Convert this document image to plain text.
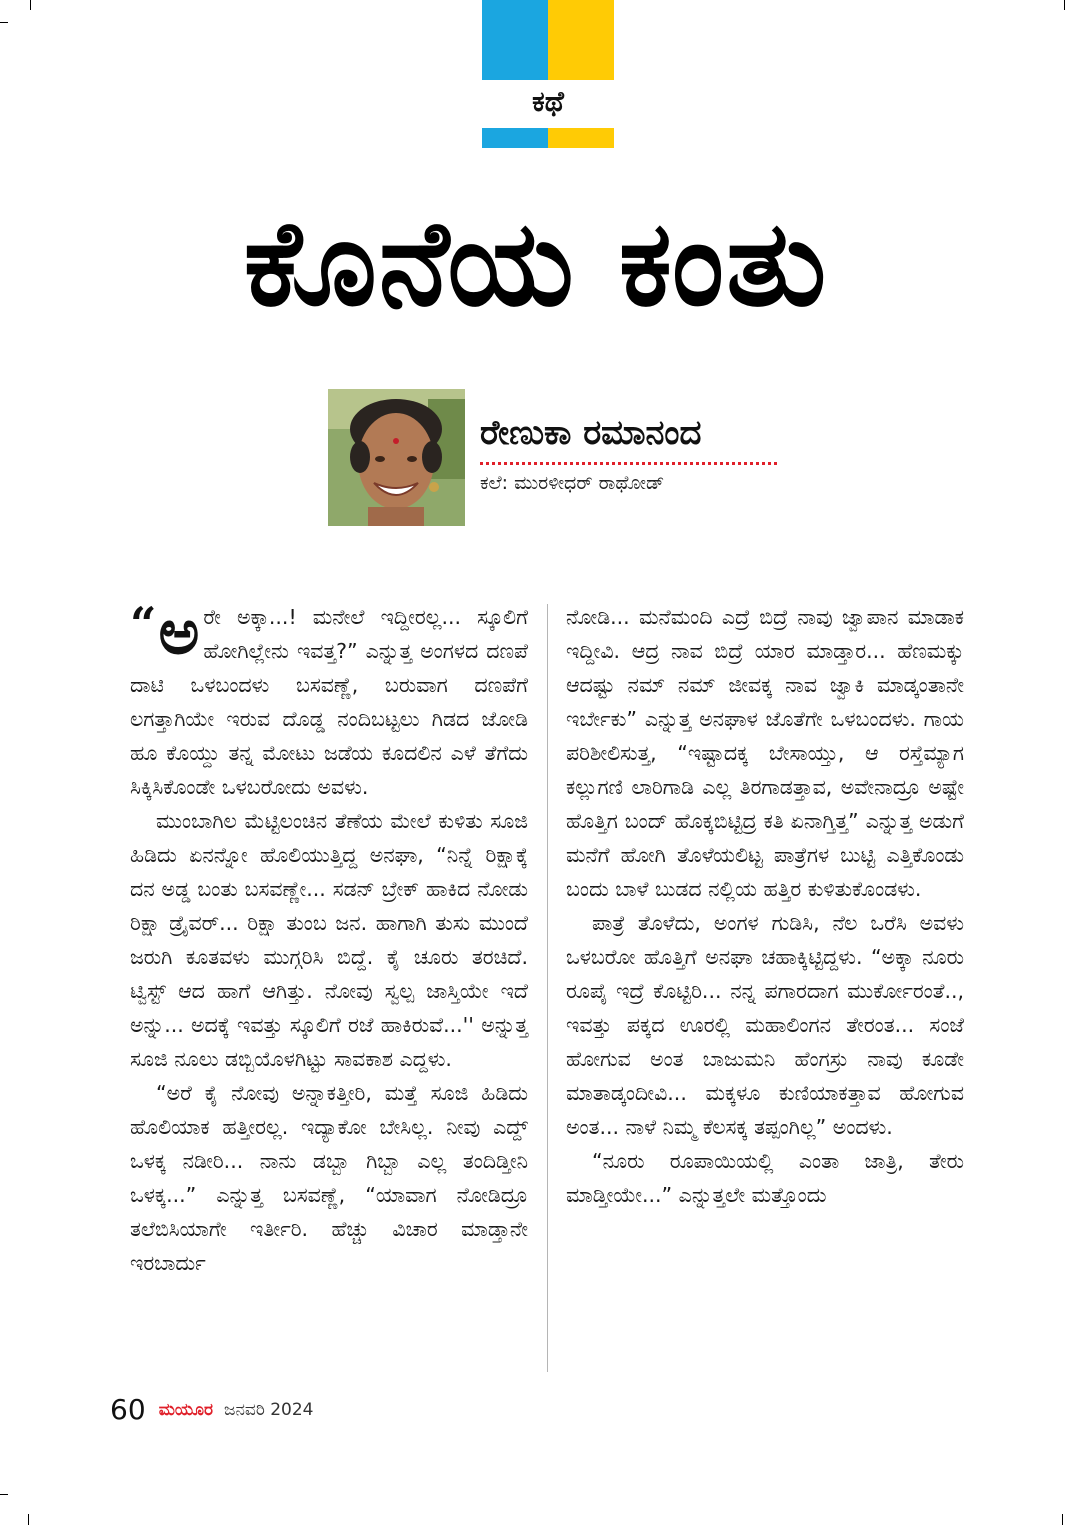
ಕಥೆ
ಕೊನೆಯ ಕಂತು
ರೇಣುಕಾ ರಮಾನಂದ
ಕಲೆ: ಮುರಳೀಧರ್ ರಾಥೋಡ್

“ ಅ ರೇ ಅಕ್ಕಾ...! ಮನೇಲೆ ಇದ್ದೀರಲ್ಲ... ಸ್ಕೂಲಿಗೆ ಹೋಗಿಲ್ಲೇನು ಇವತ್ತ?” ಎನ್ನುತ್ತ ಅಂಗಳದ ದಣಪೆ ದಾಟಿ ಒಳಬಂದಳು ಬಸವಣ್ಣೆ, ಬರುವಾಗ ದಣಪೆಗೆ ಲಗತ್ತಾಗಿಯೇ ಇರುವ ದೊಡ್ಡ ನಂದಿಬಟ್ಟಲು ಗಿಡದ ಜೋಡಿ ಹೂ ಕೊಯ್ದು ತನ್ನ ಮೋಟು ಜಡೆಯ ಕೂದಲಿನ ಎಳೆ ತೆಗೆದು ಸಿಕ್ಕಿಸಿಕೊಂಡೇ ಒಳಬರೋದು ಅವಳು.

ಮುಂಬಾಗಿಲ ಮೆಟ್ಟಿಲಂಚಿನ ತೆಣೆಯ ಮೇಲೆ ಕುಳಿತು ಸೂಜಿ ಹಿಡಿದು ಏನನ್ನೋ ಹೊಲಿಯುತ್ತಿದ್ದ ಅನಘಾ, “ನಿನ್ನೆ ರಿಕ್ಷಾಕ್ಕೆ ದನ ಅಡ್ಡ ಬಂತು ಬಸವಣ್ಣೇ... ಸಡನ್ ಬ್ರೇಕ್ ಹಾಕಿದ ನೋಡು ರಿಕ್ಷಾ ಡ್ರೈವರ್... ರಿಕ್ಷಾ ತುಂಬ ಜನ. ಹಾಗಾಗಿ ತುಸು ಮುಂದೆ ಜರುಗಿ ಕೂತವಳು ಮುಗ್ಗರಿಸಿ ಬಿದ್ದೆ. ಕೈ ಚೂರು ತರಚಿದೆ. ಟ್ವಿಸ್ಟ್ ಆದ ಹಾಗೆ ಆಗಿತ್ತು. ನೋವು ಸ್ವಲ್ಪ ಜಾಸ್ತಿಯೇ ಇದೆ ಅನ್ನು... ಅದಕ್ಕೆ ಇವತ್ತು ಸ್ಕೂಲಿಗೆ ರಜೆ ಹಾಕಿರುವೆ...'' ಅನ್ನುತ್ತ ಸೂಜಿ ನೂಲು ಡಬ್ಬಿಯೊಳಗಿಟ್ಟು ಸಾವಕಾಶ ಎದ್ದಳು.

“ಅರೆ ಕೈ ನೋವು ಅನ್ನಾಕತ್ತೀರಿ, ಮತ್ತೆ ಸೂಜಿ ಹಿಡಿದು ಹೊಲಿಯಾಕ ಹತ್ತೀರಲ್ಲ. ಇದ್ಯಾಕೋ ಬೇಸಿಲ್ಲ. ನೀವು ಎದ್ದ್ ಒಳಕ್ಕ ನಡೀರಿ... ನಾನು ಡಬ್ಬಾ ಗಿಬ್ಬಾ ಎಲ್ಲ ತಂದಿಡ್ತೀನಿ ಒಳಕ್ಕ...” ಎನ್ನುತ್ತ ಬಸವಣ್ಣೆ, “ಯಾವಾಗ ನೋಡಿದ್ರೂ ತಲೆಬಿಸಿಯಾಗೇ ಇರ್ತೀರಿ. ಹೆಚ್ಚು ವಿಚಾರ ಮಾಡ್ತಾನೇ ಇರಬಾರ್ದು

ನೋಡಿ... ಮನೆಮಂದಿ ಎದ್ರೆ ಬಿದ್ರೆ ನಾವು ಜ್ವಾಪಾನ ಮಾಡಾಕ ಇದ್ದೀವಿ. ಆದ್ರ ನಾವ ಬಿದ್ರೆ ಯಾರ ಮಾಡ್ತಾರ... ಹೆಣಮಕ್ಕು ಆದಷ್ಟು ನಮ್ ನಮ್ ಜೀವಕ್ಕ ನಾವ ಜ್ವಾಕಿ ಮಾಡ್ಕಂತಾನೇ ಇರ್ಬೇಕು” ಎನ್ನುತ್ತ ಅನಘಾಳ ಜೊತೆಗೇ ಒಳಬಂದಳು. ಗಾಯ ಪರಿಶೀಲಿಸುತ್ತ, “ಇಷ್ಟಾದಕ್ಕ ಬೇಸಾಯ್ತು, ಆ ರಸ್ತೆಮ್ಯಾಗ ಕಲ್ಲುಗಣಿ ಲಾರಿಗಾಡಿ ಎಲ್ಲ ತಿರಗಾಡತ್ತಾವ, ಅವೇನಾದ್ರೂ ಅಷ್ಟೇ ಹೊತ್ತಿಗ ಬಂದ್ ಹೊಕ್ಕಬಿಟ್ಟಿದ್ರ ಕತಿ ಏನಾಗ್ತಿತ್ತ” ಎನ್ನುತ್ತ ಅಡುಗೆ ಮನೆಗೆ ಹೋಗಿ ತೊಳೆಯಲಿಟ್ಟ ಪಾತ್ರೆಗಳ ಬುಟ್ಟಿ ಎತ್ತಿಕೊಂಡು ಬಂದು ಬಾಳೆ ಬುಡದ ನಲ್ಲಿಯ ಹತ್ತಿರ ಕುಳಿತುಕೊಂಡಳು.

ಪಾತ್ರೆ ತೊಳೆದು, ಅಂಗಳ ಗುಡಿಸಿ, ನೆಲ ಒರೆಸಿ ಅವಳು ಒಳಬರೋ ಹೊತ್ತಿಗೆ ಅನಘಾ ಚಹಾಕ್ಕಿಟ್ಟಿದ್ದಳು. “ಅಕ್ಕಾ ನೂರು ರೂಪೈ ಇದ್ರೆ ಕೊಟ್ಟಿರಿ... ನನ್ನ ಪಗಾರದಾಗ ಮುರ್ಕೋರಂತೆ.., ಇವತ್ತು ಪಕ್ಕದ ಊರಲ್ಲಿ ಮಹಾಲಿಂಗನ ತೇರಂತ... ಸಂಜೆ ಹೋಗುವ ಅಂತ ಬಾಜುಮನಿ ಹೆಂಗಸ್ರು ನಾವು ಕೂಡೇ ಮಾತಾಡ್ಕಂದೀವಿ... ಮಕ್ಕಳೂ ಕುಣಿಯಾಕತ್ತಾವ ಹೋಗುವ ಅಂತ... ನಾಳೆ ನಿಮ್ಮ ಕೆಲಸಕ್ಕ ತಪ್ಪಂಗಿಲ್ಲ” ಅಂದಳು.

“ನೂರು ರೂಪಾಯಿಯಲ್ಲಿ ಎಂತಾ ಜಾತ್ರಿ, ತೇರು ಮಾಡ್ತೀಯೇ...” ಎನ್ನುತ್ತಲೇ ಮತ್ತೊಂದು

60 ಮಯೂರ ಜನವರಿ 2024
